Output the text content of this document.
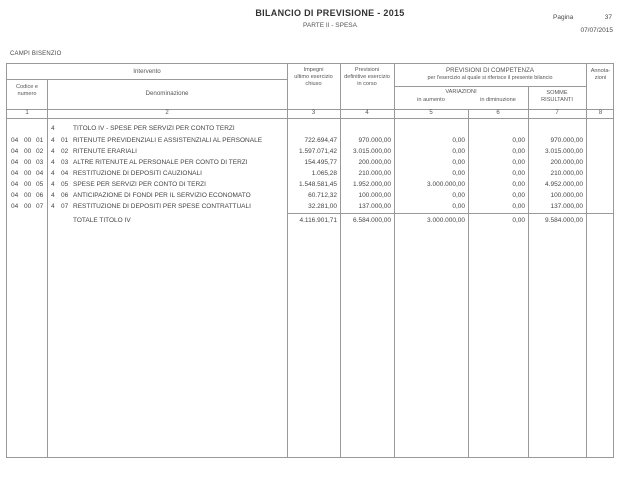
BILANCIO DI PREVISIONE - 2015
PARTE II - SPESA
Pagina	37
07/07/2015
CAMPI BISENZIO
Intervento
Codice e
numero	Denominazione
Impegni
ultimo esercizio
chiuso
Previsioni
definitive esercizio
in corso
PREVISIONI DI COMPETENZA
per l'esercizio al quale si riferisce il presente bilancio
VARIAZIONI
in aumento	in diminuzione
SOMME
RISULTANTI
Annota-
zioni
1	2	3	4	5	6	7	8
4	TITOLO IV - SPESE PER SERVIZI PER CONTO TERZI
04 00 01 4 01 RITENUTE PREVIDENZIALI E ASSISTENZIALI AL PERSONALE	722.694,47	970.000,00	0,00	0,00	970.000,00
04 00 02 4 02 RITENUTE ERARIALI	1.597.071,42	3.015.000,00	0,00	0,00	3.015.000,00
04 00 03 4 03 ALTRE RITENUTE AL PERSONALE PER CONTO DI TERZI	154.495,77	200.000,00	0,00	0,00	200.000,00
04 00 04 4 04 RESTITUZIONE DI DEPOSITI CAUZIONALI	1.065,28	210.000,00	0,00	0,00	210.000,00
04 00 05 4 05 SPESE PER SERVIZI PER CONTO DI TERZI	1.548.581,45	1.952.000,00	3.000.000,00	0,00	4.952.000,00
04 00 06 4 06 ANTICIPAZIONE DI FONDI PER IL SERVIZIO ECONOMATO	60.712,32	100.000,00	0,00	0,00	100.000,00
04 00 07 4 07 RESTITUZIONE DI DEPOSITI PER SPESE CONTRATTUALI	32.281,00	137.000,00	0,00	0,00	137.000,00
TOTALE TITOLO IV	4.116.901,71	6.584.000,00	3.000.000,00	0,00	9.584.000,00
